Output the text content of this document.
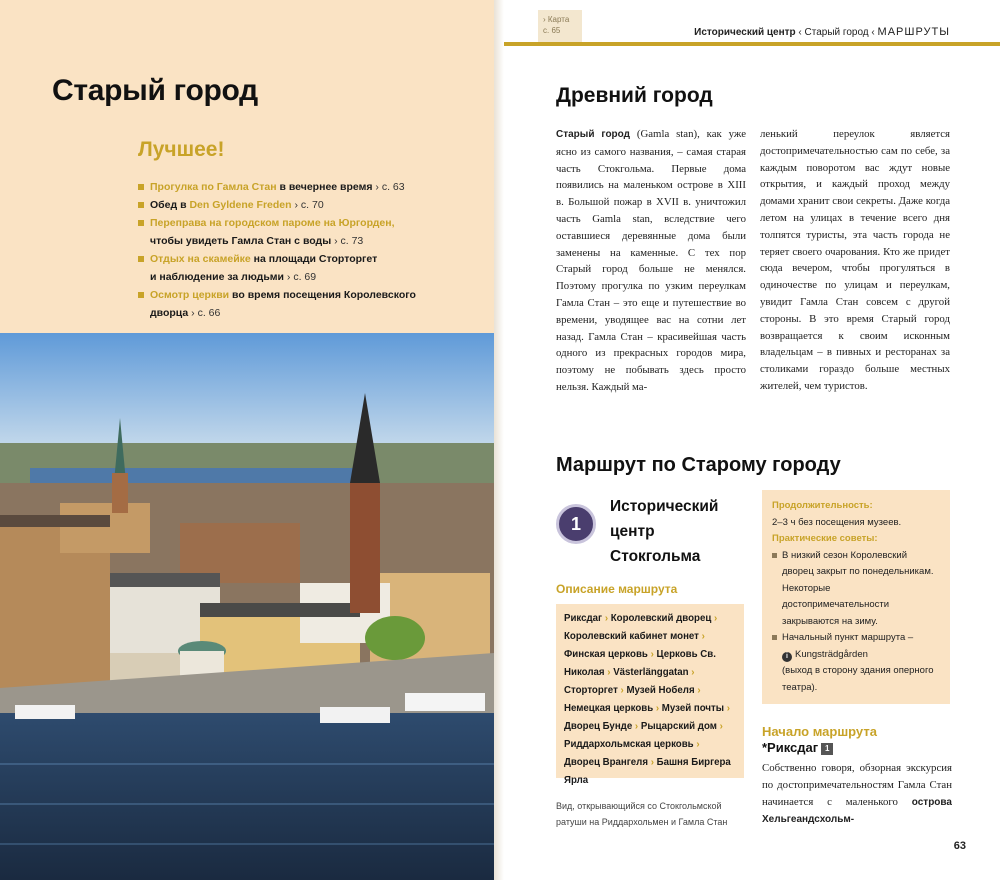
Старый город
Лучшее!
Прогулка по Гамла Стан в вечернее время › с. 63
Обед в Den Gyldene Freden › с. 70
Переправа на городском пароме на Юргорден,
чтобы увидеть Гамла Стан с воды › с. 73
Отдых на скамейке на площади Сторторгет
и наблюдение за людьми › с. 69
Осмотр церкви во время посещения Королевского
дворца › с. 66
› Карта
с. 65	Исторический центр ‹ Старый город ‹ МАРШРУТЫ
Древний город
Старый город (Gamla stan), как уже ясно из самого названия, – самая старая часть Стокгольма. Первые дома появились на маленьком острове в XIII в. Большой пожар в XVII в. уничтожил часть Gamla stan, вследствие чего оставшиеся деревянные дома были заменены на каменные. С тех пор Старый город больше не менялся. Поэтому прогулка по узким переулкам Гамла Стан – это еще и путешествие во времени, уводящее вас на сотни лет назад. Гамла Стан – красивейшая часть одного из прекрасных городов мира, поэтому не побывать здесь просто нельзя. Каждый ма-
ленький переулок является достопримечательностью сам по себе, за каждым поворотом вас ждут новые открытия, и каждый проход между домами хранит свои секреты. Даже когда летом на улицах в течение всего дня толпятся туристы, эта часть города не теряет своего очарования. Кто же придет сюда вечером, чтобы прогуляться в одиночестве по улицам и переулкам, увидит Гамла Стан совсем с другой стороны. В это время Старый город возвращается к своим исконным владельцам – в пивных и ресторанах за столиками гораздо больше местных жителей, чем туристов.
Маршрут по Старому городу
1
Исторический центр Стокгольма
Описание маршрута
Риксдаг › Королевский дворец › Королевский кабинет монет › Финская церковь › Церковь Св. Николая › Västerlänggatan › Сторторгет › Музей Нобеля › Немецкая церковь › Музей почты › Дворец Бунде › Рыцарский дом › Риддархольмская церковь › Дворец Врангеля › Башня Биргера Ярла
Вид, открывающийся со Стокгольмской ратуши на Риддархольмен и Гамла Стан
Продолжительность:
2–3 ч без посещения музеев.
Практические советы:
В низкий сезон Королевский дворец закрыт по понедельникам. Некоторые достопримечательности закрываются на зиму.
Начальный пункт маршрута –
i Kungsträdgården
(выход в сторону здания оперного театра).
Начало маршрута
*Риксдаг 1
Собственно говоря, обзорная экскурсия по достопримечательностям Гамла Стан начинается с маленького острова Хельгеандсхольм-
63
